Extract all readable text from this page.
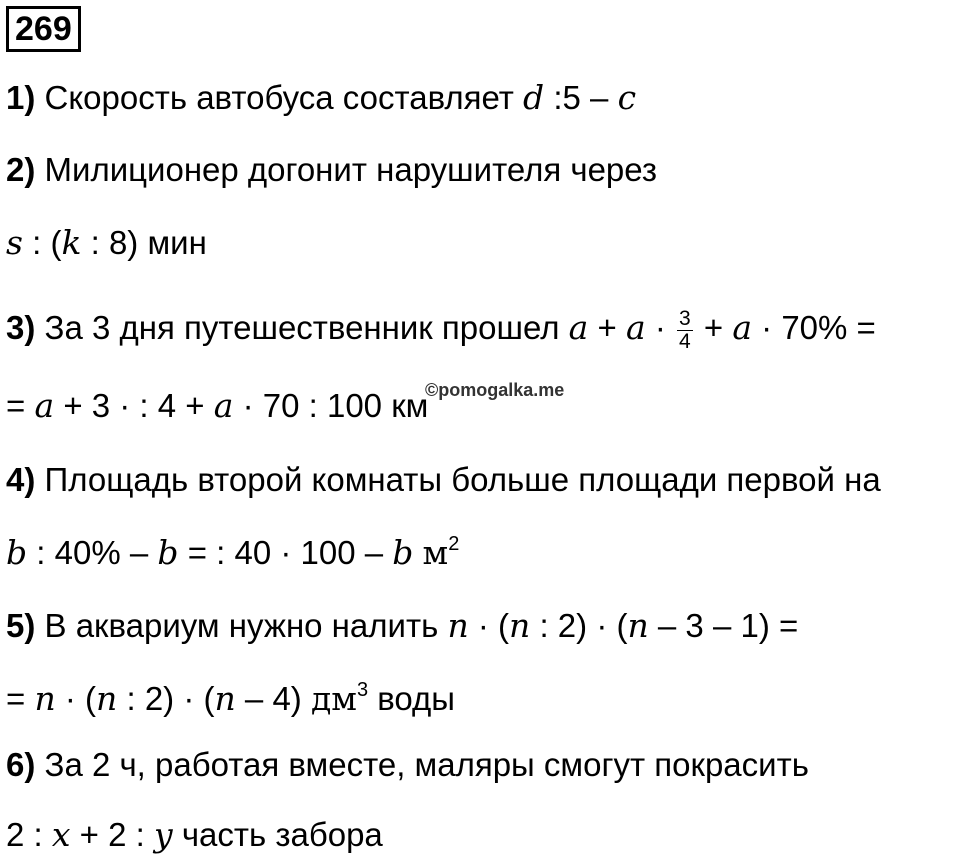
269
1) Скорость автобуса составляет d :5 – c
2) Милиционер догонит нарушителя через
s : (k : 8) мин
3) За 3 дня путешественник прошел $a + a \cdot \frac{3}{4} + a \cdot 70\%$ =
= a + 3 · : 4 + a · 70 : 100 км
©pomogalka.me
4) Площадь второй комнаты больше площади первой на
b : 40% – b = : 40 · 100 – b $м^2$
5) В аквариум нужно налить n · (n : 2) · (n – 3 – 1) =
= n · (n : 2) · (n – 4) $дм^3$ воды
6) За 2 ч, работая вместе, маляры смогут покрасить
2 : x + 2 : y часть забора
